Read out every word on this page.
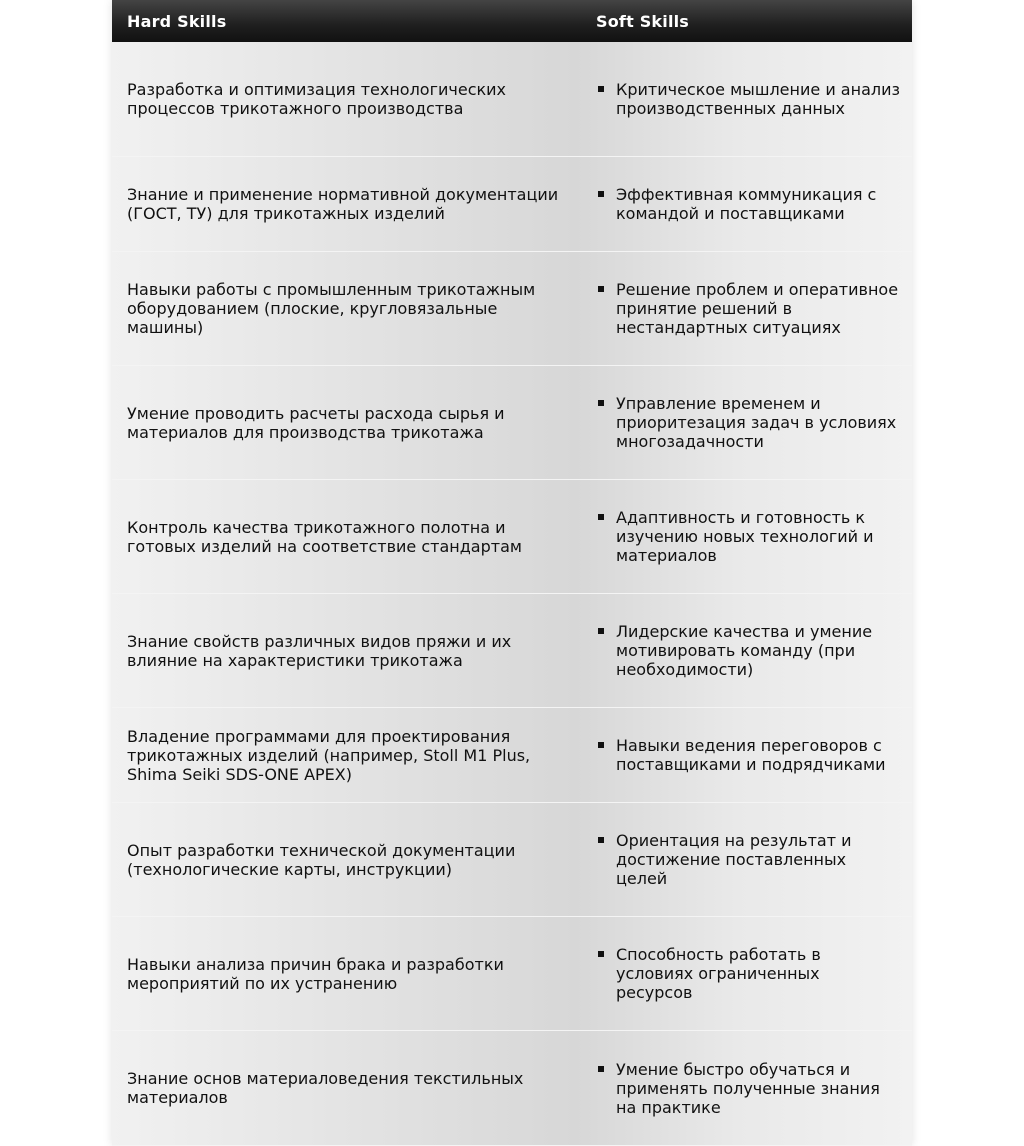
Hard Skills	Soft Skills
Разработка и оптимизация технологических процессов трикотажного производства
Критическое мышление и анализ производственных данных
Знание и применение нормативной документации (ГОСТ, ТУ) для трикотажных изделий
Эффективная коммуникация с командой и поставщиками
Навыки работы с промышленным трикотажным оборудованием (плоские, кругловязальные машины)
Решение проблем и оперативное принятие решений в нестандартных ситуациях
Умение проводить расчеты расхода сырья и материалов для производства трикотажа
Управление временем и приоритезация задач в условиях многозадачности
Контроль качества трикотажного полотна и готовых изделий на соответствие стандартам
Адаптивность и готовность к изучению новых технологий и материалов
Знание свойств различных видов пряжи и их влияние на характеристики трикотажа
Лидерские качества и умение мотивировать команду (при необходимости)
Владение программами для проектирования трикотажных изделий (например, Stoll M1 Plus, Shima Seiki SDS-ONE APEX)
Навыки ведения переговоров с поставщиками и подрядчиками
Опыт разработки технической документации (технологические карты, инструкции)
Ориентация на результат и достижение поставленных целей
Навыки анализа причин брака и разработки мероприятий по их устранению
Способность работать в условиях ограниченных ресурсов
Знание основ материаловедения текстильных материалов
Умение быстро обучаться и применять полученные знания на практике
